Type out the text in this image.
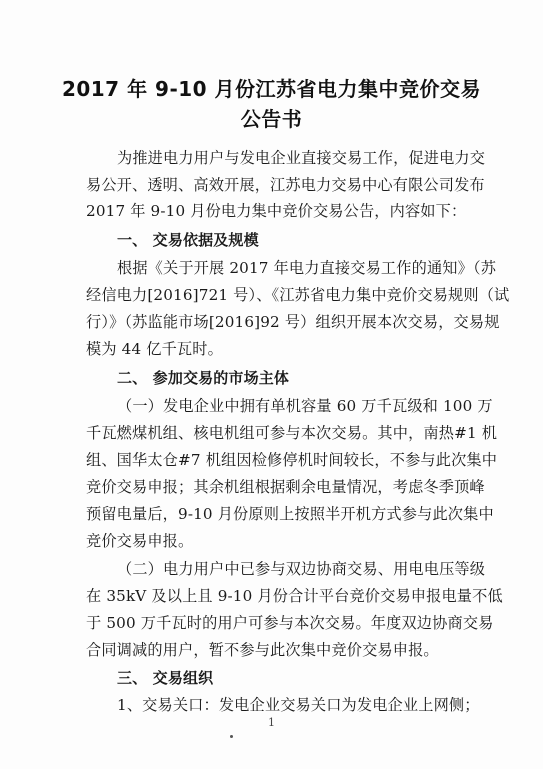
2017 年 9-10 月份江苏省电力集中竞价交易
公告书
为推进电力用户与发电企业直接交易工作，促进电力交
易公开、透明、高效开展，江苏电力交易中心有限公司发布
2017 年 9-10 月份电力集中竞价交易公告，内容如下：
一、 交易依据及规模
根据《关于开展 2017 年电力直接交易工作的通知》（苏
经信电力[2016]721 号）、《江苏省电力集中竞价交易规则（试
行）》（苏监能市场[2016]92 号）组织开展本次交易，交易规
模为 44 亿千瓦时。
二、 参加交易的市场主体
（一）发电企业中拥有单机容量 60 万千瓦级和 100 万
千瓦燃煤机组、核电机组可参与本次交易。其中，南热#1 机
组、国华太仓#7 机组因检修停机时间较长，不参与此次集中
竞价交易申报；其余机组根据剩余电量情况，考虑冬季顶峰
预留电量后，9-10 月份原则上按照半开机方式参与此次集中
竞价交易申报。
（二）电力用户中已参与双边协商交易、用电电压等级
在 35kV 及以上且 9-10 月份合计平台竞价交易申报电量不低
于 500 万千瓦时的用户可参与本次交易。年度双边协商交易
合同调减的用户，暂不参与此次集中竞价交易申报。
三、 交易组织
1、交易关口：发电企业交易关口为发电企业上网侧；
1
